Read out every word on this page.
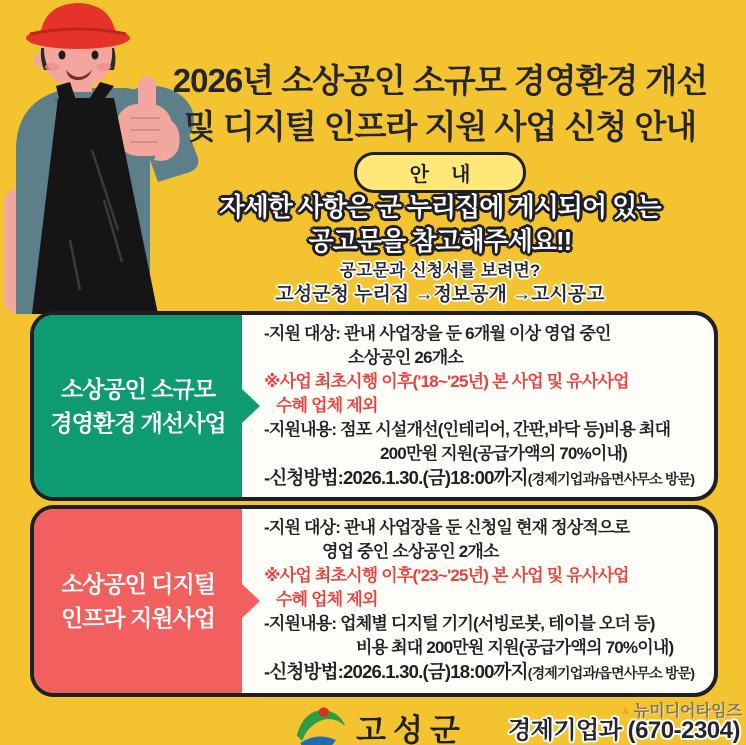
2026년 소상공인 소규모 경영환경 개선
및 디지털 인프라 지원 사업 신청 안내
안    내
자세한 사항은 군 누리집에 게시되어 있는
공고문을 참고해주세요!!
공고문과 신청서를 보려면?
고성군청 누리집 →정보공개 →고시공고
소상공인 소규모
경영환경 개선사업
-지원 대상: 관내 사업장을 둔 6개월 이상 영업 중인
소상공인 26개소
※사업 최초시행 이후('18~'25년) 본 사업 및 유사사업
수혜 업체 제외
-지원내용: 점포 시설개선(인테리어, 간판,바닥 등)비용 최대
200만원 지원(공급가액의 70%이내)
-신청방법:2026.1.30.(금)18:00까지(경제기업과/읍면사무소 방문)
소상공인 디지털
인프라 지원사업
-지원 대상: 관내 사업장을 둔 신청일 현재 정상적으로
영업 중인 소상공인 2개소
※사업 최초시행 이후('23~'25년) 본 사업 및 유사사업
수혜 업체 제외
-지원내용: 업체별 디지털 기기(서빙로봇, 테이블 오더 등)
비용 최대 200만원 지원(공급가액의 70%이내)
-신청방법:2026.1.30.(금)18:00까지(경제기업과/읍면사무소 방문)
고성군
▲ 뉴미디어타임즈
경제기업과 (670-2304)
